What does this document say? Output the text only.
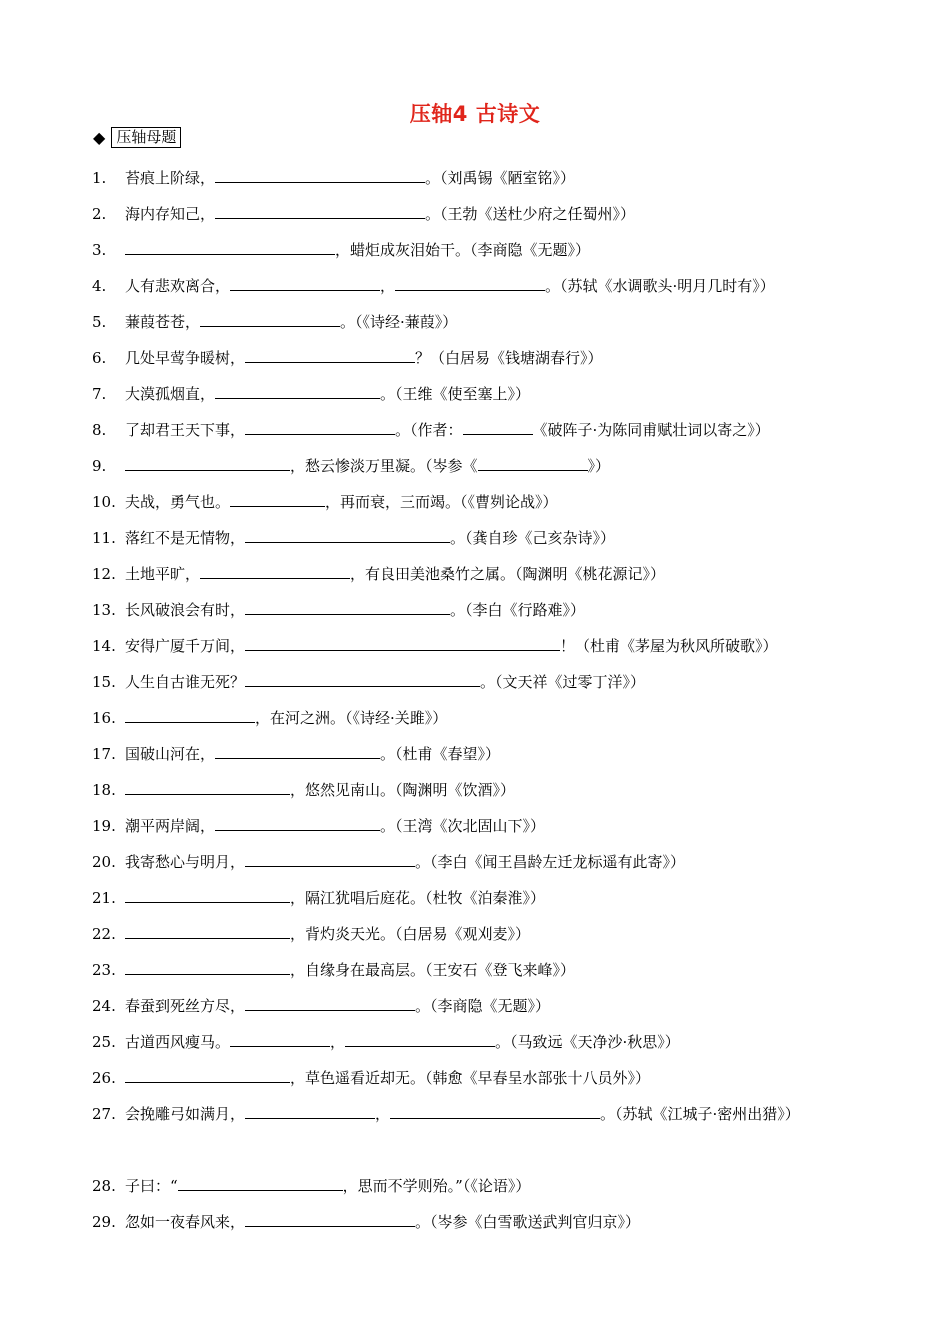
压轴4 古诗文
◆ 压轴母题
1.	苔痕上阶绿，	。（刘禹锡《陋室铭》）
2.	海内存知己，	。（王勃《送杜少府之任蜀州》）
3.	，蜡炬成灰泪始干。（李商隐《无题》）
4.	人有悲欢离合，	，	。（苏轼《水调歌头·明月几时有》）
5.	蒹葭苍苍，	。（《诗经·蒹葭》）
6.	几处早莺争暖树，	？（白居易《钱塘湖春行》）
7.	大漠孤烟直，	。（王维《使至塞上》）
8.	了却君王天下事，	。（作者：	《破阵子·为陈同甫赋壮词以寄之》）
9.	，愁云惨淡万里凝。（岑参《	》）
10. 夫战，勇气也。	，再而衰，三而竭。（《曹刿论战》）
11. 落红不是无情物，	。（龚自珍《己亥杂诗》）
12. 土地平旷，	，有良田美池桑竹之属。（陶渊明《桃花源记》）
13. 长风破浪会有时，	。（李白《行路难》）
14. 安得广厦千万间，	！（杜甫《茅屋为秋风所破歌》）
15. 人生自古谁无死？	。（文天祥《过零丁洋》）
16.	，在河之洲。（《诗经·关雎》）
17. 国破山河在，	。（杜甫《春望》）
18.	，悠然见南山。（陶渊明《饮酒》）
19. 潮平两岸阔，	。（王湾《次北固山下》）
20. 我寄愁心与明月，	。（李白《闻王昌龄左迁龙标遥有此寄》）
21.	，隔江犹唱后庭花。（杜牧《泊秦淮》）
22.	，背灼炎天光。（白居易《观刈麦》）
23.	，自缘身在最高层。（王安石《登飞来峰》）
24. 春蚕到死丝方尽，	。（李商隐《无题》）
25. 古道西风瘦马。	，	。（马致远《天净沙·秋思》）
26.	，草色遥看近却无。（韩愈《早春呈水部张十八员外》）
27. 会挽雕弓如满月，	，	。（苏轼《江城子·密州出猎》）
28. 子曰：“	，思而不学则殆。”（《论语》）
29. 忽如一夜春风来，	。（岑参《白雪歌送武判官归京》）
